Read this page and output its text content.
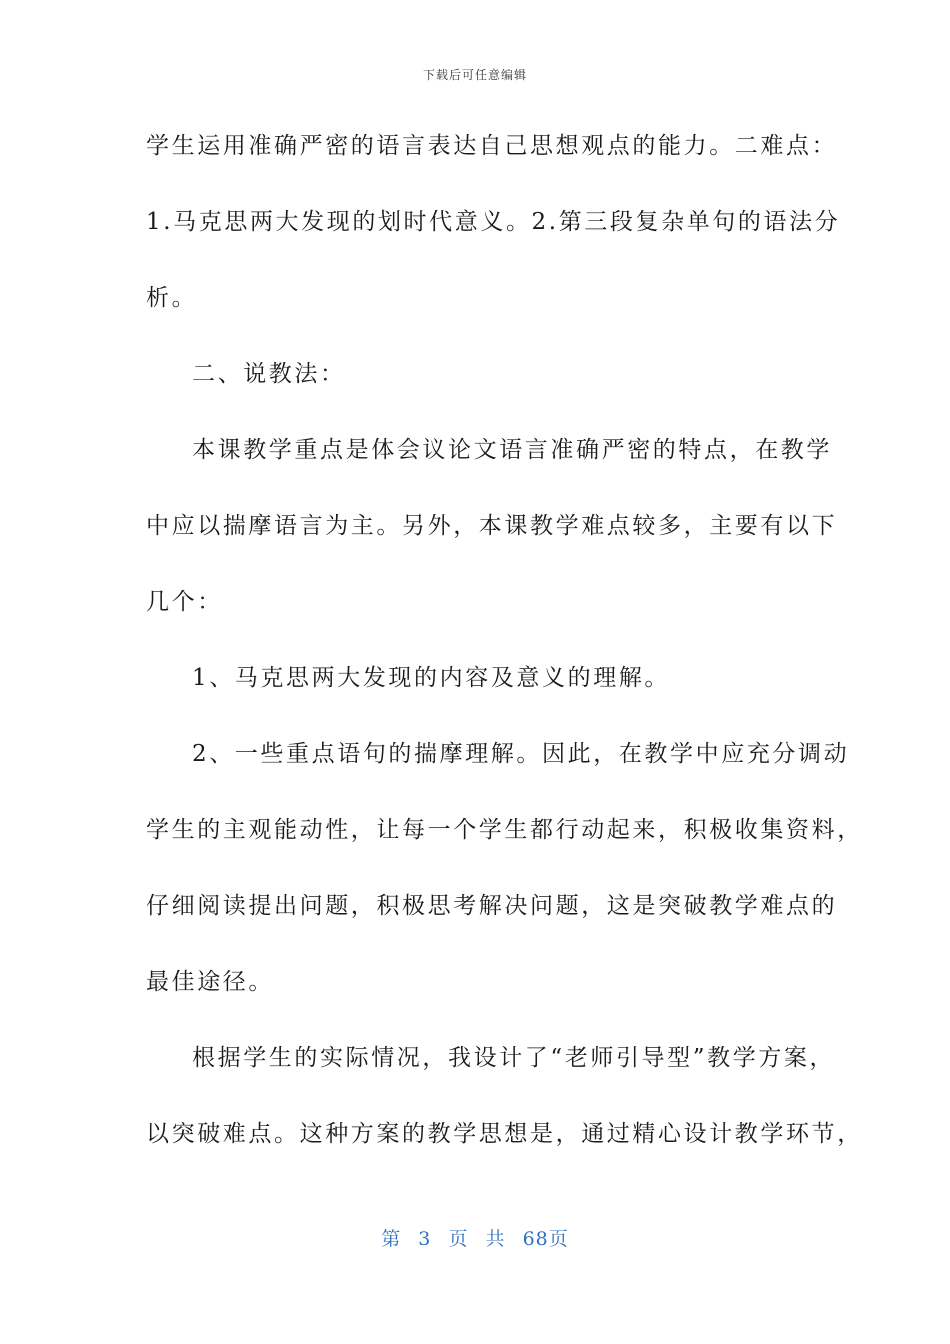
下载后可任意编辑
学生运用准确严密的语言表达自己思想观点的能力。二难点：
1.马克思两大发现的划时代意义。2.第三段复杂单句的语法分
析。
二、说教法：
本课教学重点是体会议论文语言准确严密的特点，在教学
中应以揣摩语言为主。另外，本课教学难点较多，主要有以下
几个：
1、马克思两大发现的内容及意义的理解。
2、一些重点语句的揣摩理解。因此，在教学中应充分调动
学生的主观能动性，让每一个学生都行动起来，积极收集资料，
仔细阅读提出问题，积极思考解决问题，这是突破教学难点的
最佳途径。
根据学生的实际情况，我设计了“老师引导型”教学方案，
以突破难点。这种方案的教学思想是，通过精心设计教学环节，
第 3 页 共 68页
